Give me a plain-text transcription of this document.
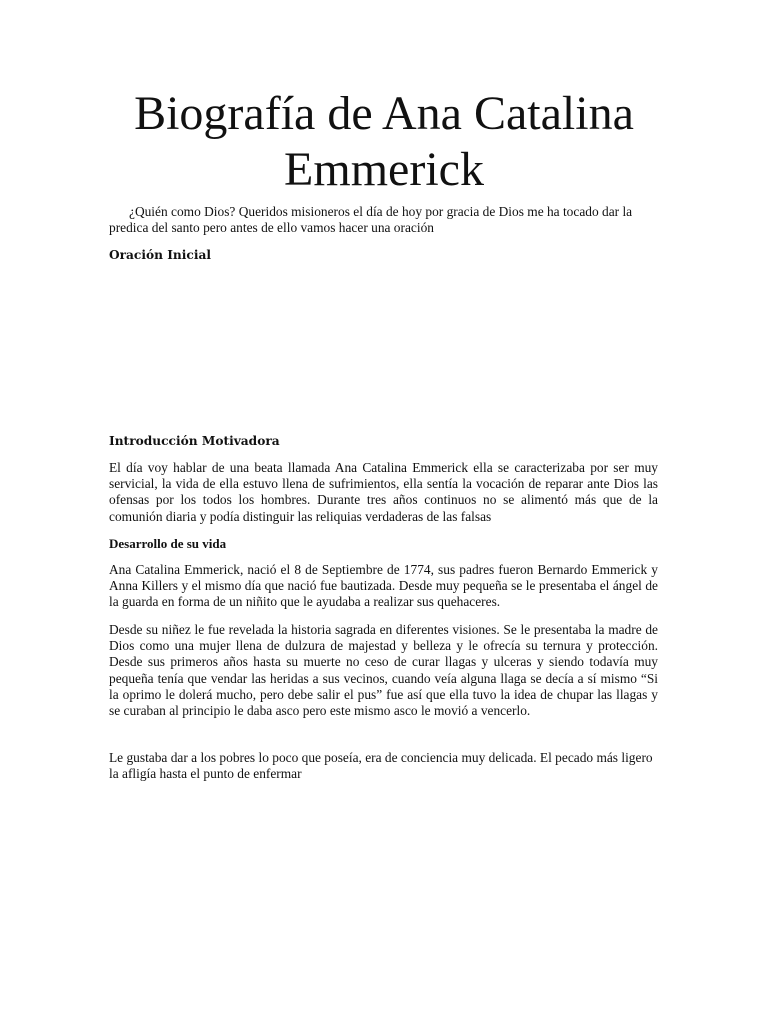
Biografía de Ana Catalina Emmerick

¿Quién como Dios? Queridos misioneros el día de hoy por gracia de Dios me ha tocado dar la predica del santo pero antes de ello vamos hacer una oración

Oración Inicial
Introducción Motivadora

El día voy hablar de una beata llamada Ana Catalina Emmerick ella se caracterizaba por ser muy servicial, la vida de ella estuvo llena de sufrimientos, ella sentía la vocación de reparar ante Dios las ofensas por los todos los hombres. Durante tres años continuos no se alimentó más que de la comunión diaria y podía distinguir las reliquias verdaderas de las falsas

Desarrollo de su vida

Ana Catalina Emmerick, nació el 8 de Septiembre de 1774, sus padres fueron Bernardo Emmerick y Anna Killers y el mismo día que nació fue bautizada. Desde muy pequeña se le presentaba el ángel de la guarda en forma de un niñito que le ayudaba a realizar sus quehaceres.

Desde su niñez le fue revelada la historia sagrada en diferentes visiones. Se le presentaba la madre de Dios como una mujer llena de dulzura de majestad y belleza y le ofrecía su ternura y protección. Desde sus primeros años hasta su muerte no ceso de curar llagas y ulceras y siendo todavía muy pequeña tenía que vendar las heridas a sus vecinos, cuando veía alguna llaga se decía a sí mismo “Si la oprimo le dolerá mucho, pero debe salir el pus” fue así que ella tuvo la idea de chupar las llagas y se curaban al principio le daba asco pero este mismo asco le movió a vencerlo.

Le gustaba dar a los pobres lo poco que poseía, era de conciencia muy delicada. El pecado más ligero la afligía hasta el punto de enfermar
